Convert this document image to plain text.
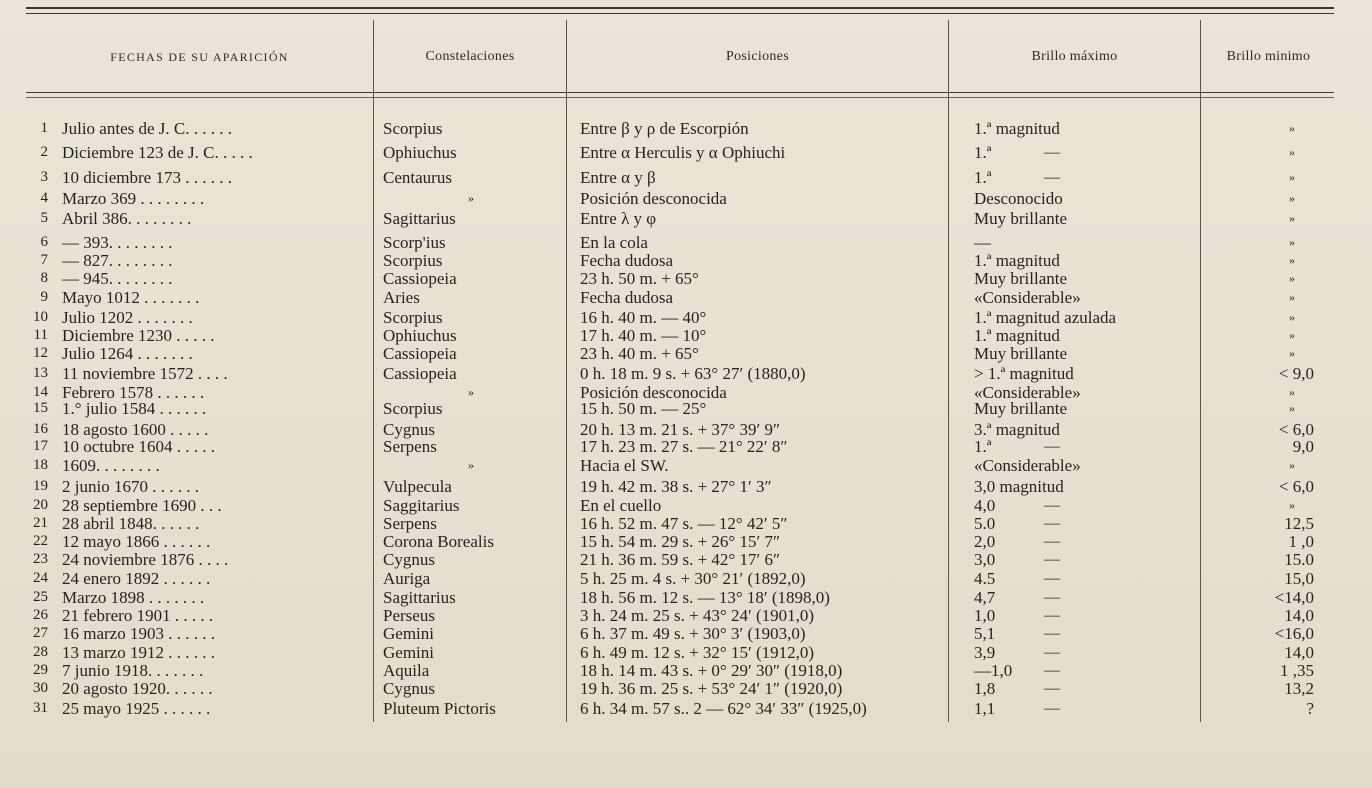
FECHAS DE SU APARICIÓN	Constelaciones	Posiciones	Brillo máximo	Brillo minimo
1 Julio antes de J. C. . . . . .	Scorpius	Entre β y ρ de Escorpión	1.ª magnitud	»
2 Diciembre 123 de J. C. . . . .	Ophiuchus	Entre α Herculis y α Ophiuchi	1.ª	—	»
3 10 diciembre 173 . . . . . .	Centaurus	Entre α y β	1.ª	—	»
4 Marzo 369 . . . . . . . .	»	Posición desconocida	Desconocido	»
5 Abril 386. . . . . . . .	Sagittarius	Entre λ y φ	Muy brillante	»
6 — 393. . . . . . . .	Scorp'ius	En la cola	—	»
7 — 827. . . . . . . .	Scorpius	Fecha dudosa	1.ª magnitud	»
8 — 945. . . . . . . .	Cassiopeia	23 h. 50 m. + 65°	Muy brillante	»
9 Mayo 1012 . . . . . . .	Aries	Fecha dudosa	«Considerable»	»
10 Julio 1202 . . . . . . .	Scorpius	16 h. 40 m. — 40°	1.ª magnitud azulada	»
11 Diciembre 1230 . . . . .	Ophiuchus	17 h. 40 m. — 10°	1.ª magnitud	»
12 Julio 1264 . . . . . . .	Cassiopeia	23 h. 40 m. + 65°	Muy brillante	»
13 11 noviembre 1572 . . . .	Cassiopeia	0 h. 18 m. 9 s. + 63° 27′ (1880,0)	> 1.ª magnitud	< 9,0
14 Febrero 1578 . . . . . .	»	Posición desconocida	«Considerable»	»
15 1.° julio 1584 . . . . . .	Scorpius	15 h. 50 m. — 25°	Muy brillante	»
16 18 agosto 1600 . . . . .	Cygnus	20 h. 13 m. 21 s. + 37° 39′ 9″	3.ª magnitud	< 6,0
17 10 octubre 1604 . . . . .	Serpens	17 h. 23 m. 27 s. — 21° 22′ 8″	1.ª	—	9,0
18 1609. . . . . . . .	»	Hacia el SW.	«Considerable»	»
19 2 junio 1670 . . . . . .	Vulpecula	19 h. 42 m. 38 s. + 27° 1′ 3″	3,0 magnitud	< 6,0
20 28 septiembre 1690 . . .	Saggitarius	En el cuello	4,0	—	»
21 28 abril 1848. . . . . .	Serpens	16 h. 52 m. 47 s. — 12° 42′ 5″	5.0	—	12,5
22 12 mayo 1866 . . . . . .	Corona Borealis	15 h. 54 m. 29 s. + 26° 15′ 7″	2,0	—	1 ,0
23 24 noviembre 1876 . . . .	Cygnus	21 h. 36 m. 59 s. + 42° 17′ 6″	3,0	—	15.0
24 24 enero 1892 . . . . . .	Auriga	5 h. 25 m. 4 s. + 30° 21′ (1892,0)	4.5	—	15,0
25 Marzo 1898 . . . . . . .	Sagittarius	18 h. 56 m. 12 s. — 13° 18′ (1898,0)	4,7	—	<14,0
26 21 febrero 1901 . . . . .	Perseus	3 h. 24 m. 25 s. + 43° 24′ (1901,0)	1,0	—	14,0
27 16 marzo 1903 . . . . . .	Gemini	6 h. 37 m. 49 s. + 30° 3′ (1903,0)	5,1	—	<16,0
28 13 marzo 1912 . . . . . .	Gemini	6 h. 49 m. 12 s. + 32° 15′ (1912,0)	3,9	—	14,0
29 7 junio 1918. . . . . . .	Aquila	18 h. 14 m. 43 s. + 0° 29′ 30″ (1918,0)	—1,0 —	1 ,35
30 20 agosto 1920. . . . . .	Cygnus	19 h. 36 m. 25 s. + 53° 24′ 1″ (1920,0)	1,8	—	13,2
31 25 mayo 1925 . . . . . .	Pluteum Pictoris	6 h. 34 m. 57 s.. 2 — 62° 34′ 33″ (1925,0)	1,1	—	?
